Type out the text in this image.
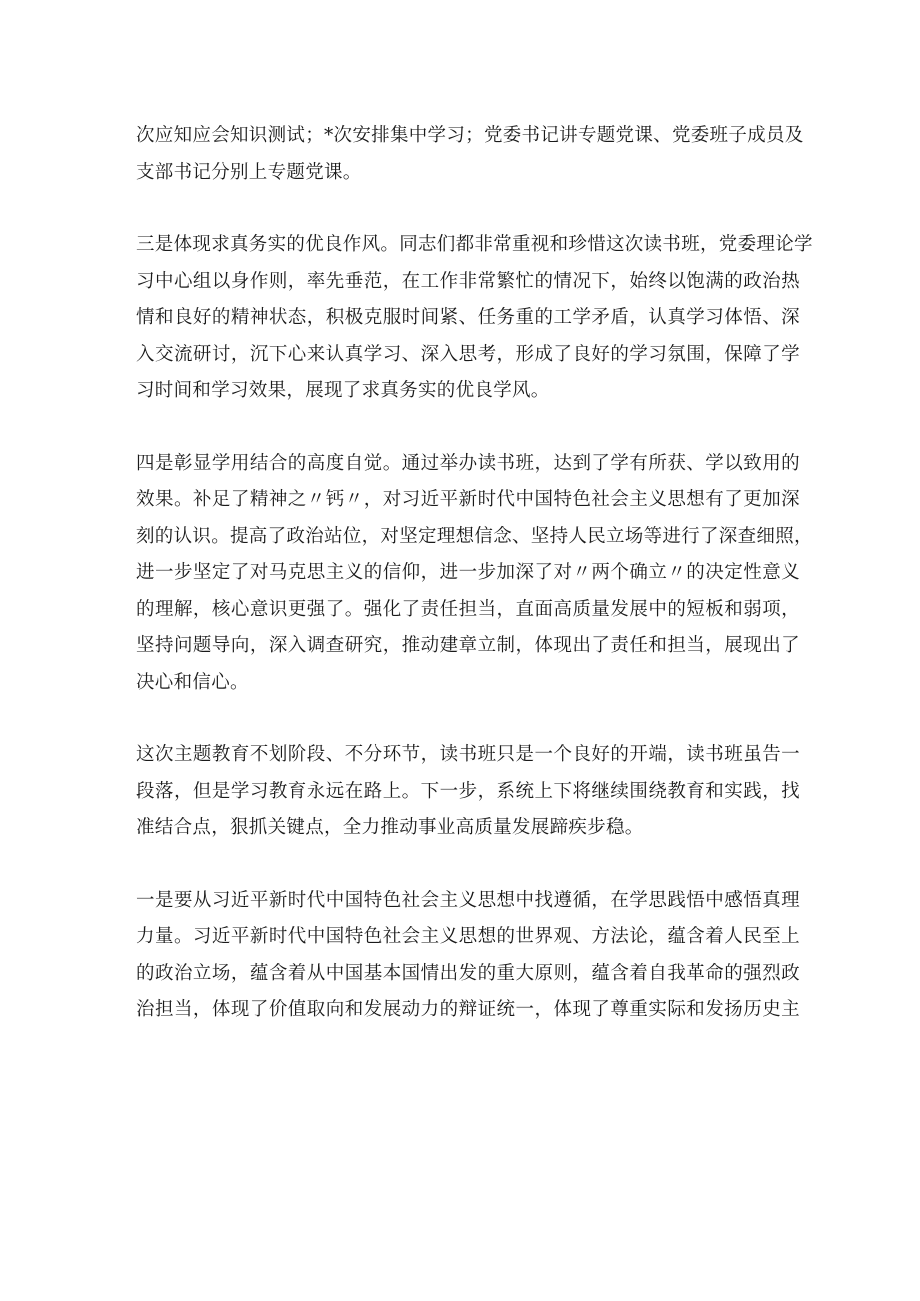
次应知应会知识测试；*次安排集中学习；党委书记讲专题党课、党委班子成员及
支部书记分别上专题党课。

三是体现求真务实的优良作风。同志们都非常重视和珍惜这次读书班，党委理论学
习中心组以身作则，率先垂范，在工作非常繁忙的情况下，始终以饱满的政治热
情和良好的精神状态，积极克服时间紧、任务重的工学矛盾，认真学习体悟、深
入交流研讨，沉下心来认真学习、深入思考，形成了良好的学习氛围，保障了学
习时间和学习效果，展现了求真务实的优良学风。

四是彰显学用结合的高度自觉。通过举办读书班，达到了学有所获、学以致用的
效果。补足了精神之〃钙〃，对习近平新时代中国特色社会主义思想有了更加深
刻的认识。提高了政治站位，对坚定理想信念、坚持人民立场等进行了深查细照，
进一步坚定了对马克思主义的信仰，进一步加深了对〃两个确立〃的决定性意义
的理解，核心意识更强了。强化了责任担当，直面高质量发展中的短板和弱项，
坚持问题导向，深入调查研究，推动建章立制，体现出了责任和担当，展现出了
决心和信心。

这次主题教育不划阶段、不分环节，读书班只是一个良好的开端，读书班虽告一
段落，但是学习教育永远在路上。下一步，系统上下将继续围绕教育和实践，找
准结合点，狠抓关键点，全力推动事业高质量发展蹄疾步稳。

一是要从习近平新时代中国特色社会主义思想中找遵循，在学思践悟中感悟真理
力量。习近平新时代中国特色社会主义思想的世界观、方法论，蕴含着人民至上
的政治立场，蕴含着从中国基本国情出发的重大原则，蕴含着自我革命的强烈政
治担当，体现了价值取向和发展动力的辩证统一，体现了尊重实际和发扬历史主
